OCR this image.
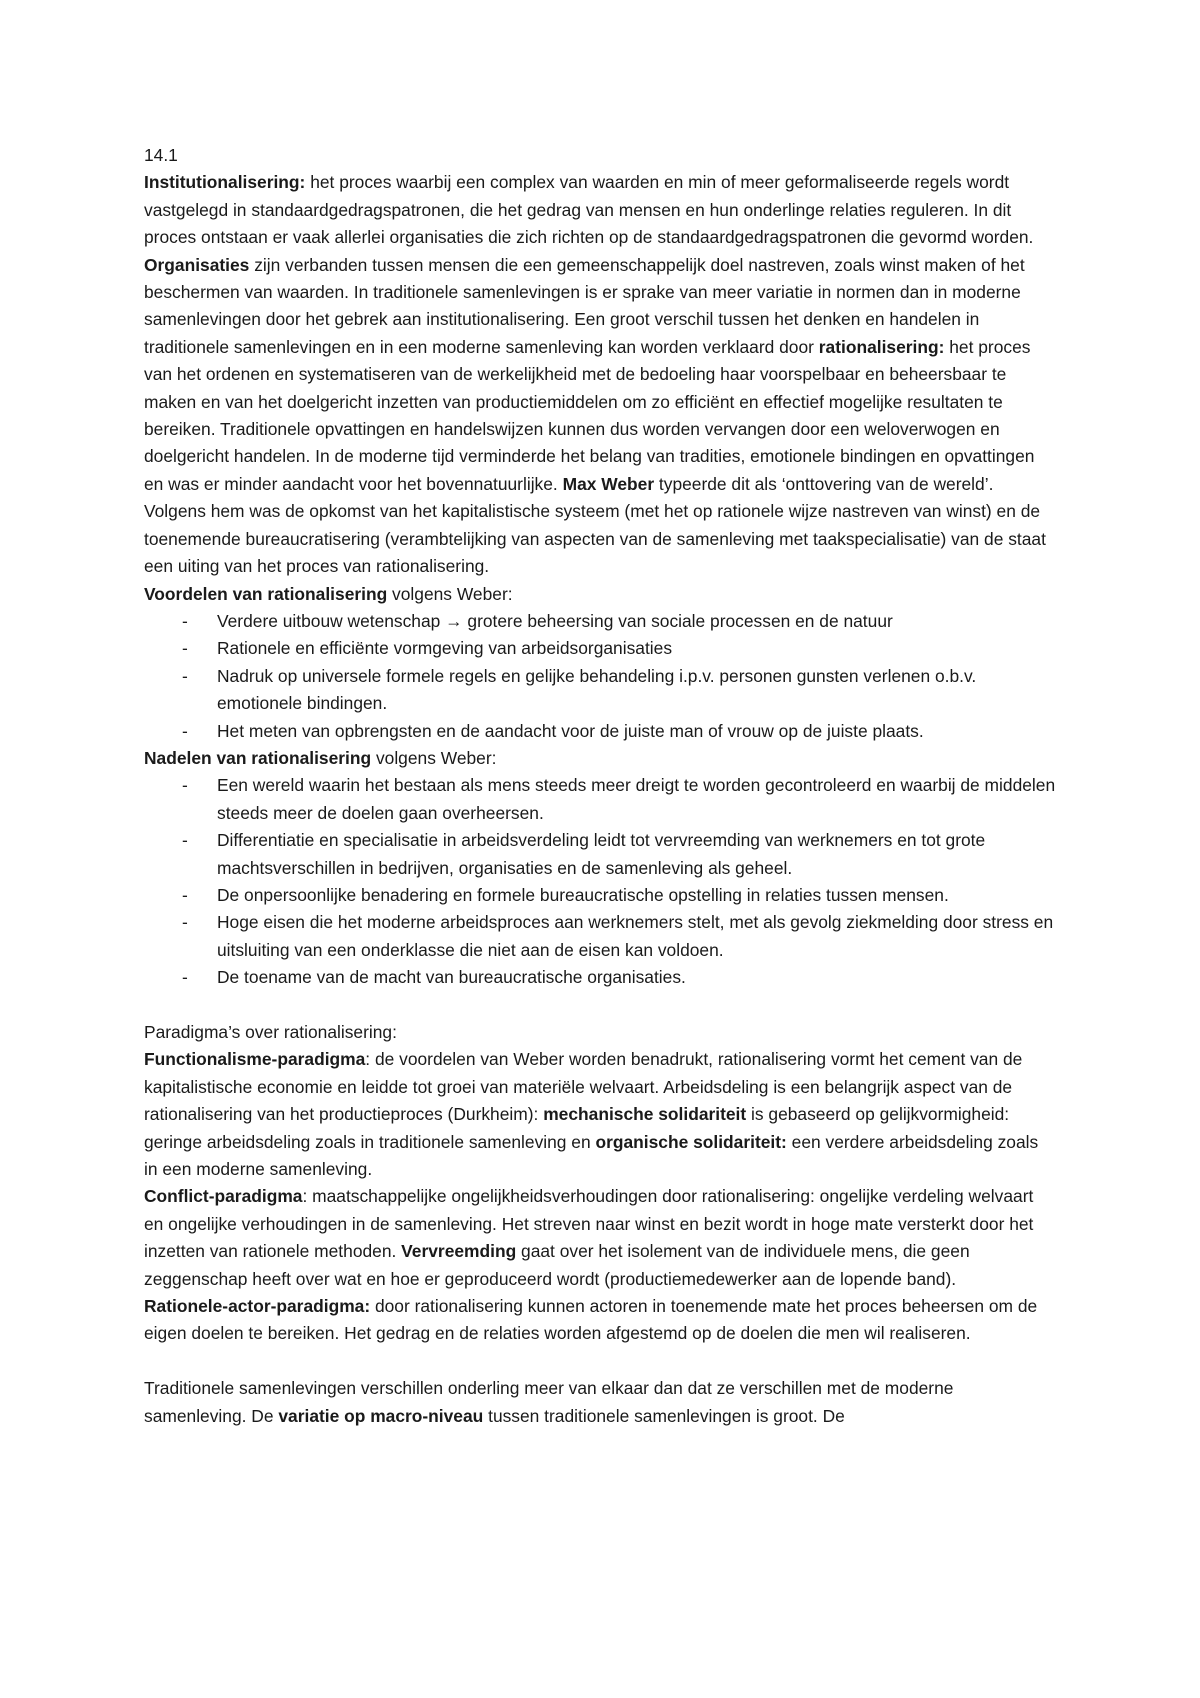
14.1

Institutionalisering: het proces waarbij een complex van waarden en min of meer geformaliseerde regels wordt vastgelegd in standaardgedragspatronen, die het gedrag van mensen en hun onderlinge relaties reguleren. In dit proces ontstaan er vaak allerlei organisaties die zich richten op de standaardgedragspatronen die gevormd worden. Organisaties zijn verbanden tussen mensen die een gemeenschappelijk doel nastreven, zoals winst maken of het beschermen van waarden. In traditionele samenlevingen is er sprake van meer variatie in normen dan in moderne samenlevingen door het gebrek aan institutionalisering. Een groot verschil tussen het denken en handelen in traditionele samenlevingen en in een moderne samenleving kan worden verklaard door rationalisering: het proces van het ordenen en systematiseren van de werkelijkheid met de bedoeling haar voorspelbaar en beheersbaar te maken en van het doelgericht inzetten van productiemiddelen om zo efficiënt en effectief mogelijke resultaten te bereiken. Traditionele opvattingen en handelswijzen kunnen dus worden vervangen door een weloverwogen en doelgericht handelen. In de moderne tijd verminderde het belang van tradities, emotionele bindingen en opvattingen en was er minder aandacht voor het bovennatuurlijke. Max Weber typeerde dit als ‘onttovering van de wereld’. Volgens hem was de opkomst van het kapitalistische systeem (met het op rationele wijze nastreven van winst) en de toenemende bureaucratisering (verambtelijking van aspecten van de samenleving met taakspecialisatie) van de staat een uiting van het proces van rationalisering.

Voordelen van rationalisering volgens Weber:

- Verdere uitbouw wetenschap → grotere beheersing van sociale processen en de natuur
- Rationele en efficiënte vormgeving van arbeidsorganisaties
- Nadruk op universele formele regels en gelijke behandeling i.p.v. personen gunsten verlenen o.b.v. emotionele bindingen.
- Het meten van opbrengsten en de aandacht voor de juiste man of vrouw op de juiste plaats.

Nadelen van rationalisering volgens Weber:

- Een wereld waarin het bestaan als mens steeds meer dreigt te worden gecontroleerd en waarbij de middelen steeds meer de doelen gaan overheersen.
- Differentiatie en specialisatie in arbeidsverdeling leidt tot vervreemding van werknemers en tot grote machtsverschillen in bedrijven, organisaties en de samenleving als geheel.
- De onpersoonlijke benadering en formele bureaucratische opstelling in relaties tussen mensen.
- Hoge eisen die het moderne arbeidsproces aan werknemers stelt, met als gevolg ziekmelding door stress en uitsluiting van een onderklasse die niet aan de eisen kan voldoen.
- De toename van de macht van bureaucratische organisaties.

Paradigma’s over rationalisering:

Functionalisme-paradigma: de voordelen van Weber worden benadrukt, rationalisering vormt het cement van de kapitalistische economie en leidde tot groei van materiële welvaart. Arbeidsdeling is een belangrijk aspect van de rationalisering van het productieproces (Durkheim): mechanische solidariteit is gebaseerd op gelijkvormigheid: geringe arbeidsdeling zoals in traditionele samenleving en organische solidariteit: een verdere arbeidsdeling zoals in een moderne samenleving.

Conflict-paradigma: maatschappelijke ongelijkheidsverhoudingen door rationalisering: ongelijke verdeling welvaart en ongelijke verhoudingen in de samenleving. Het streven naar winst en bezit wordt in hoge mate versterkt door het inzetten van rationele methoden. Vervreemding gaat over het isolement van de individuele mens, die geen zeggenschap heeft over wat en hoe er geproduceerd wordt (productiemedewerker aan de lopende band).

Rationele-actor-paradigma: door rationalisering kunnen actoren in toenemende mate het proces beheersen om de eigen doelen te bereiken. Het gedrag en de relaties worden afgestemd op de doelen die men wil realiseren.

Traditionele samenlevingen verschillen onderling meer van elkaar dan dat ze verschillen met de moderne samenleving. De variatie op macro-niveau tussen traditionele samenlevingen is groot. De
